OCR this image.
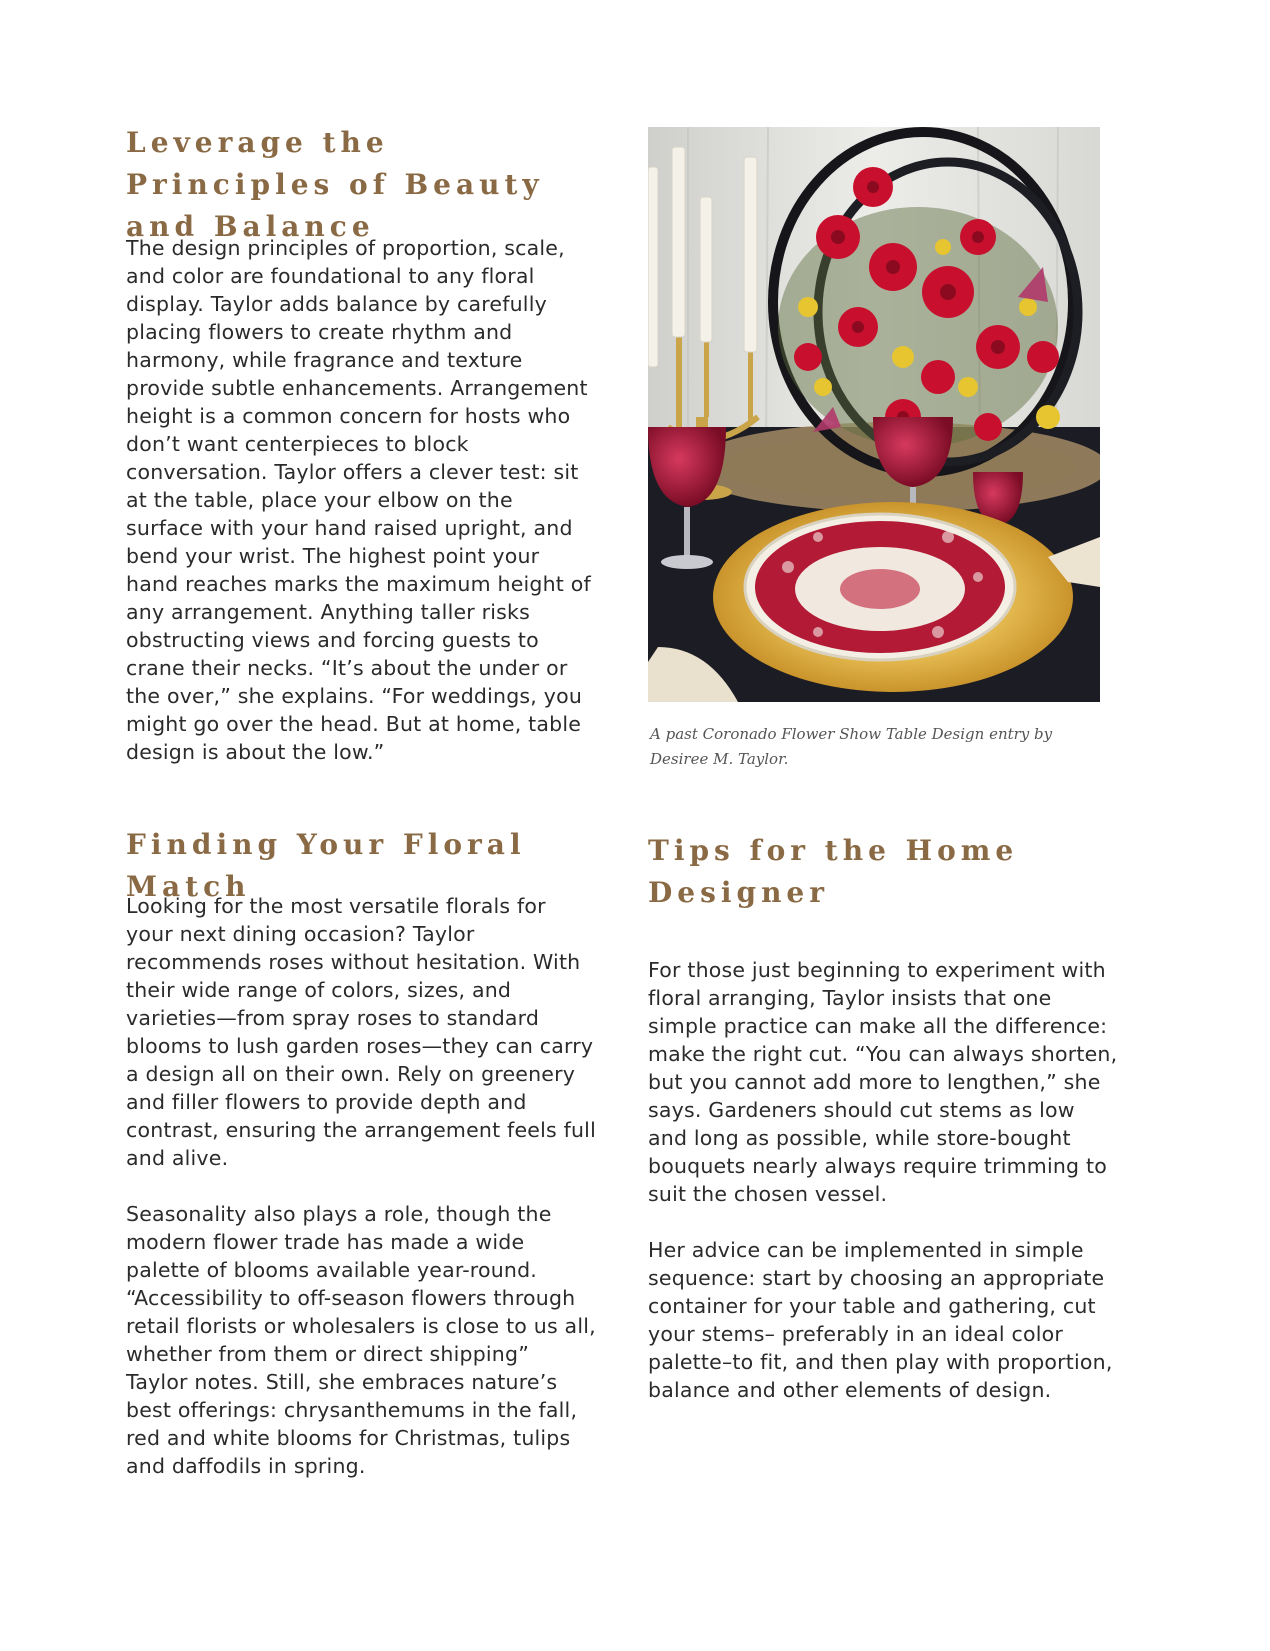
Leverage the Principles of Beauty and Balance

The design principles of proportion, scale, and color are foundational to any floral display. Taylor adds balance by carefully placing flowers to create rhythm and harmony, while fragrance and texture provide subtle enhancements. Arrangement height is a common concern for hosts who don’t want centerpieces to block conversation. Taylor offers a clever test: sit at the table, place your elbow on the surface with your hand raised upright, and bend your wrist. The highest point your hand reaches marks the maximum height of any arrangement. Anything taller risks obstructing views and forcing guests to crane their necks. “It’s about the under or the over,” she explains. “For weddings, you might go over the head. But at home, table design is about the low.”

A past Coronado Flower Show Table Design entry by Desiree M. Taylor.

Finding Your Floral Match

Looking for the most versatile florals for your next dining occasion? Taylor recommends roses without hesitation. With their wide range of colors, sizes, and varieties—from spray roses to standard blooms to lush garden roses—they can carry a design all on their own. Rely on greenery and filler flowers to provide depth and contrast, ensuring the arrangement feels full and alive.

Seasonality also plays a role, though the modern flower trade has made a wide palette of blooms available year-round. “Accessibility to off-season flowers through retail florists or wholesalers is close to us all, whether from them or direct shipping” Taylor notes. Still, she embraces nature’s best offerings: chrysanthemums in the fall, red and white blooms for Christmas, tulips and daffodils in spring.

Tips for the Home Designer

For those just beginning to experiment with floral arranging, Taylor insists that one simple practice can make all the difference: make the right cut. “You can always shorten, but you cannot add more to lengthen,” she says. Gardeners should cut stems as low and long as possible, while store-bought bouquets nearly always require trimming to suit the chosen vessel.

Her advice can be implemented in simple sequence: start by choosing an appropriate container for your table and gathering, cut your stems– preferably in an ideal color palette–to fit, and then play with proportion, balance and other elements of design.
